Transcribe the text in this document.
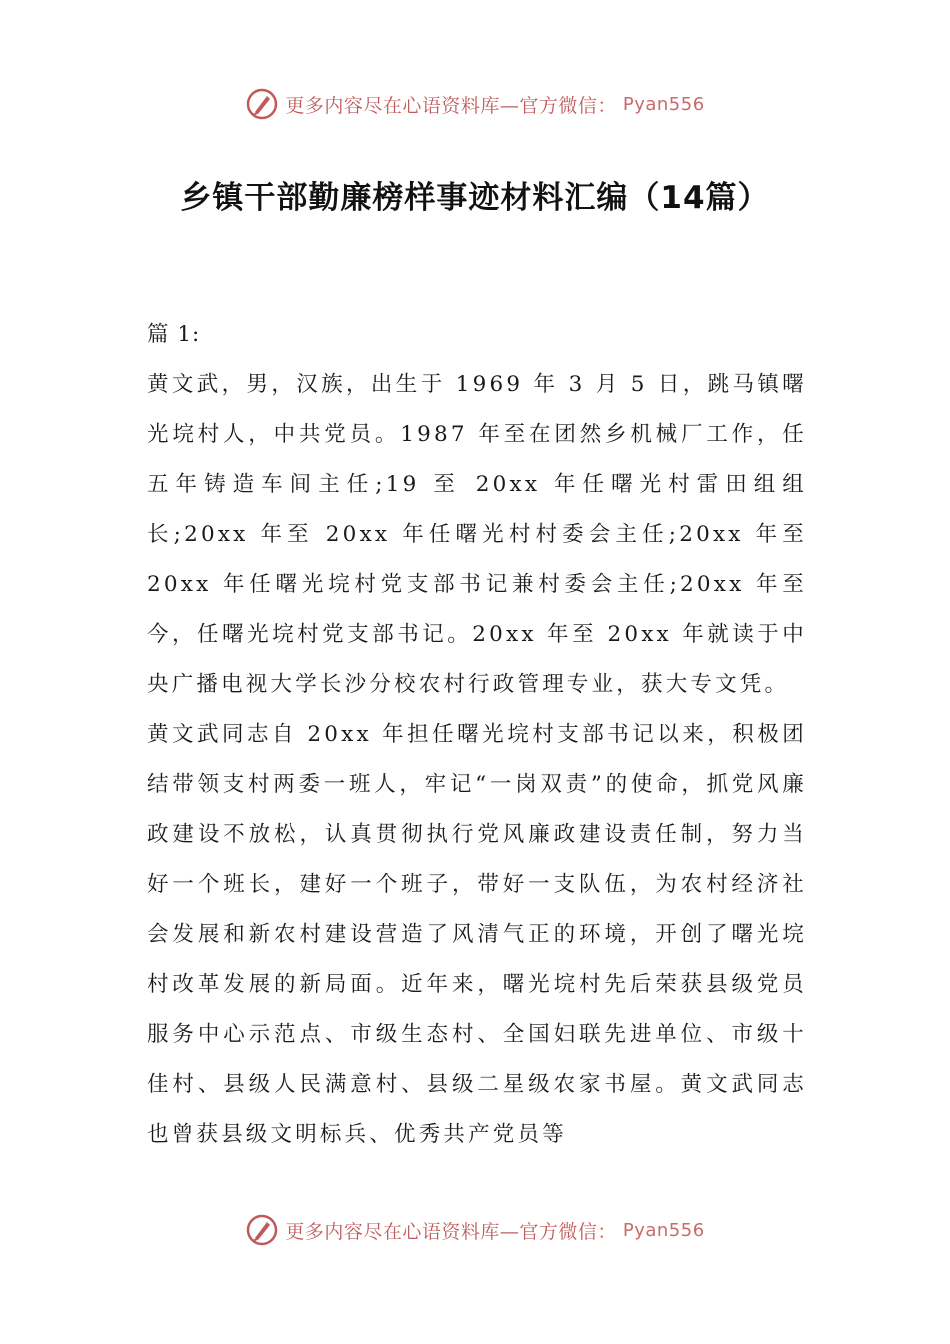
更多内容尽在心语资料库—官方微信： Pyan556
乡镇干部勤廉榜样事迹材料汇编（14篇）

篇 1:

黄文武，男，汉族，出生于 1969 年 3 月 5 日，跳马镇曙光垸村人，中共党员。1987 年至在团然乡机械厂工作，任五年铸造车间主任;19 至 20xx 年任曙光村雷田组组长;20xx 年至 20xx 年任曙光村村委会主任;20xx 年至 20xx 年任曙光垸村党支部书记兼村委会主任;20xx 年至今，任曙光垸村党支部书记。20xx 年至 20xx 年就读于中央广播电视大学长沙分校农村行政管理专业，获大专文凭。

黄文武同志自 20xx 年担任曙光垸村支部书记以来，积极团结带领支村两委一班人，牢记“一岗双责”的使命，抓党风廉政建设不放松，认真贯彻执行党风廉政建设责任制，努力当好一个班长，建好一个班子，带好一支队伍，为农村经济社会发展和新农村建设营造了风清气正的环境，开创了曙光垸村改革发展的新局面。近年来，曙光垸村先后荣获县级党员服务中心示范点、市级生态村、全国妇联先进单位、市级十佳村、县级人民满意村、县级二星级农家书屋。黄文武同志也曾获县级文明标兵、优秀共产党员等

更多内容尽在心语资料库—官方微信： Pyan556
